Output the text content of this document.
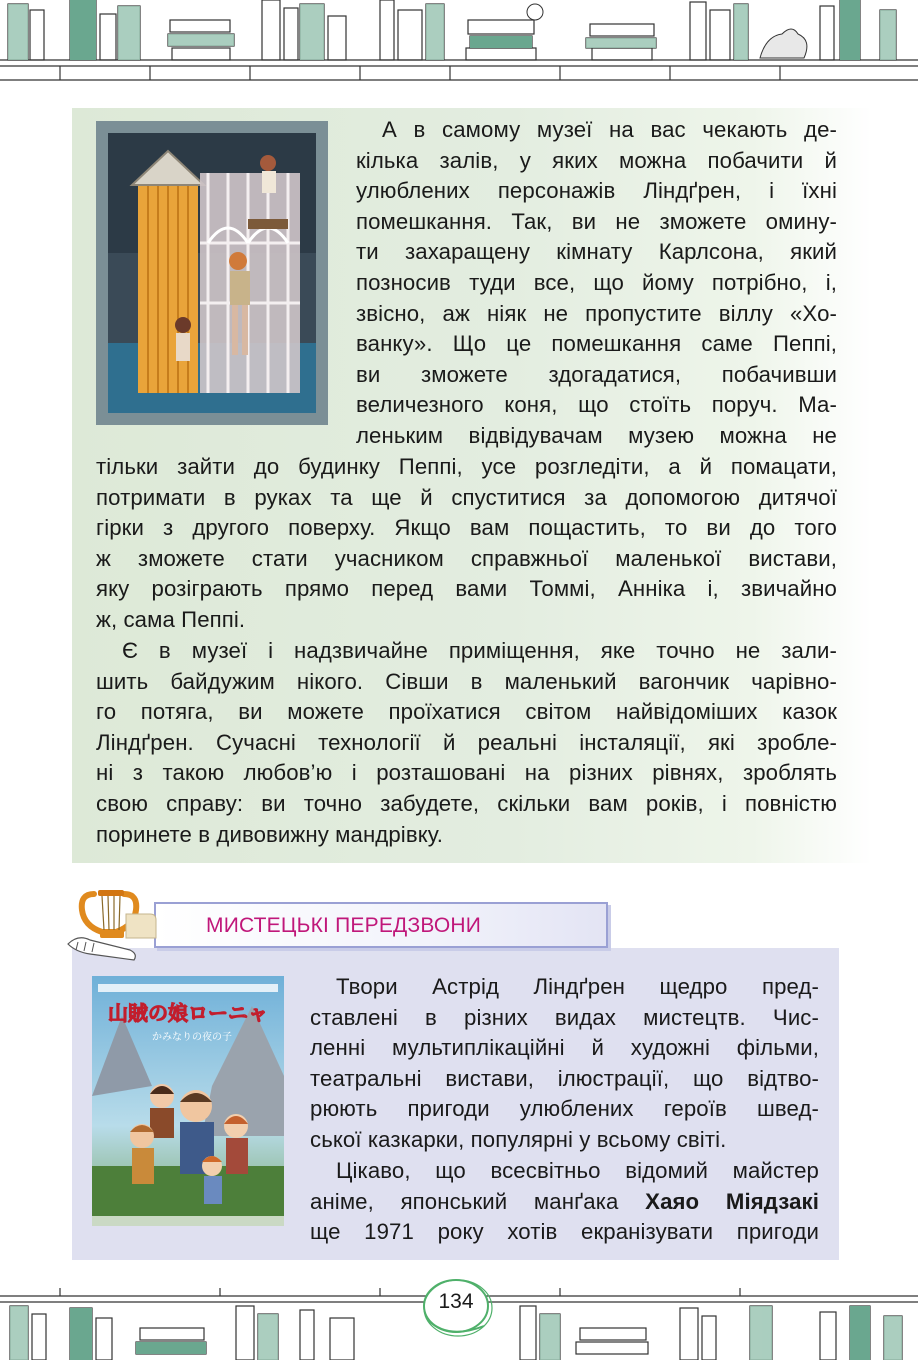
А в самому музеї на вас чекають де-
кілька залів, у яких можна побачити й
улюблених персонажів Ліндґрен, і їхні
помешкання. Так, ви не зможете омину-
ти захаращену кімнату Карлсона, який
позносив туди все, що йому потрібно, і,
звісно, аж ніяк не пропустите віллу «Хо-
ванку». Що це помешкання саме Пеппі,
ви зможете здогадатися, побачивши
величезного коня, що стоїть поруч. Ма-
леньким відвідувачам музею можна не

тільки зайти до будинку Пеппі, усе розгледіти, а й помацати,
потримати в руках та ще й спуститися за допомогою дитячої
гірки з другого поверху. Якщо вам пощастить, то ви до того
ж зможете стати учасником справжньої маленької вистави,
яку розіграють прямо перед вами Томмі, Анніка і, звичайно
ж, сама Пеппі.

Є в музеї і надзвичайне приміщення, яке точно не зали-
шить байдужим нікого. Сівши в маленький вагончик чарівно-
го потяга, ви можете проїхатися світом найвідоміших казок
Ліндґрен. Сучасні технології й реальні інсталяції, які зробле-
ні з такою любов’ю і розташовані на різних рівнях, зроблять
свою справу: ви точно забудете, скільки вам років, і повністю
поринете в дивовижну мандрівку.

МИСТЕЦЬКІ ПЕРЕДЗВОНИ
山賊の娘ローニャ
かみなりの夜の子

Твори Астрід Ліндґрен щедро пред-
ставлені в різних видах мистецтв. Чис-
ленні мультиплікаційні й художні фільми,
театральні вистави, ілюстрації, що відтво-
рюють пригоди улюблених героїв швед-
ської казкарки, популярні у всьому світі.

Цікаво, що всесвітньо відомий майстер
аніме, японський манґака Хаяо Міядзакі
ще 1971 року хотів екранізувати пригоди

134
